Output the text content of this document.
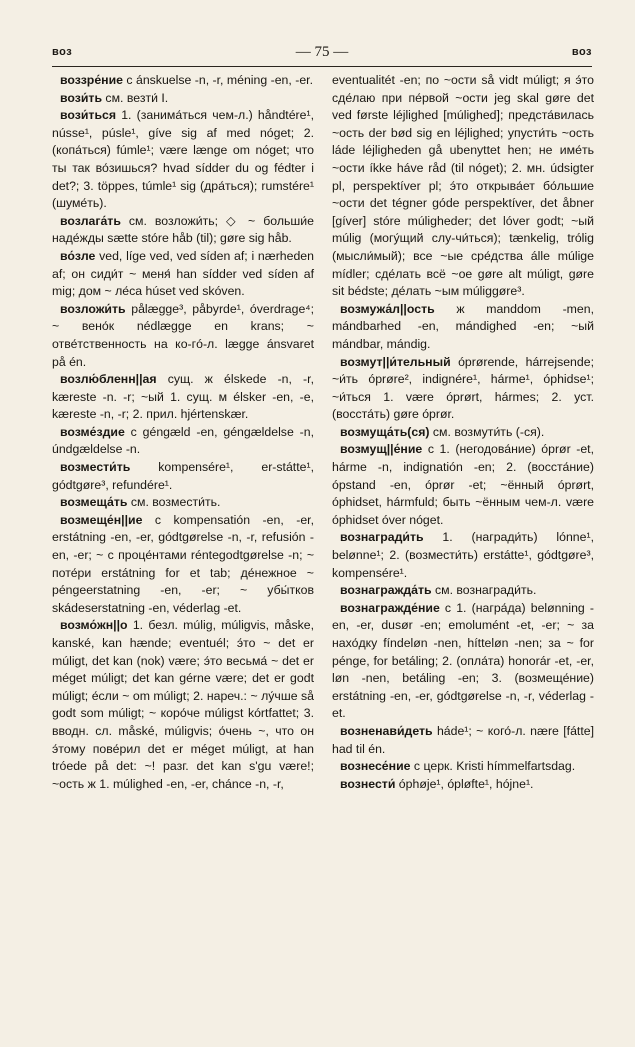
воз	— 75 —	воз

воззре́ние с ánskuelse -n, -r, méning -en, -er.

вози́ть см. везти́ I.

вози́ться 1. (занима́ться чем-л.) håndtére¹, nússe¹, púsle¹, gíve sig af med nóget; 2. (копа́ться) fúmle¹; være længe om nóget; что ты так во́зишься? hvad sídder du og fédter i det?; 3. töppes, túmle¹ sig (дра́ться); rumstére¹ (шуме́ть).

возлага́ть см. возложи́ть; ◇ ~ больши́е наде́жды sætte stóre håb (til); gøre sig håb.

во́зле ved, líge ved, ved síden af; i nærheden af; он сиди́т ~ меня́ han sídder ved síden af mig; дом ~ ле́са húset ved skóven.

возложи́ть pålægge³, påbyrde¹, óverdrage⁴; ~ вено́к nédlægge en krans; ~ отве́тственность на ко-гó-л. lægge ánsvaret på én.

возлю́бленн||ая сущ. ж élskede -n, -r, kæreste -n. -r; ~ый 1. сущ. м élsker -en, -e, kæreste -n, -r; 2. прил. hjértenskær.

возме́здие с géngæld -en, géngældelse -n, úndgældelse -n.

возмести́ть kompensére¹, er-státte¹, gódtgøre³, refundére¹.

возмеща́ть см. возмести́ть.

возмеще́н||ие с kompensatión -en, -er, erstátning -en, -er, gódtgørelse -n, -r, refusión -en, -er; ~ с проце́нтами réntegodtgørelse -n; ~ поте́ри erstátning for et tab; де́нежное ~ péngeerstatning -en, -er; ~ убы́тков skádeserstatning -en, véderlag -et.

возмо́жн||о 1. безл. múlig, múligvis, måske, kanské, kan hænde; eventuél; э́то ~ det er múligt, det kan (nok) være; э́то весьма́ ~ det er méget múligt; det kan gérne være; det er godt múligt; е́сли ~ om múligt; 2. нареч.: ~ лу́чше så godt som múligt; ~ коро́че múligst kórtfattet; 3. вводн. сл. måské, múligvis; о́чень ~, что он э́тому пове́рил det er méget múligt, at han tróede på det: ~! разг. det kan s'gu være!; ~ость ж 1. múlighed -en, -er, chánce -n, -r,

eventualitét -en; по ~ости så vidt múligt; я э́то сде́лаю при пе́рвой ~ости jeg skal gøre det ved første léjlighed [múlighed]; предста́вилась ~ость der bød sig en léjlighed; упусти́ть ~ость láde léjligheden gå ubenyttet hen; не име́ть ~ости íkke háve råd (til nóget); 2. мн. údsigter pl, perspektíver pl; э́то открыва́ет бо́льшие ~ости det tégner góde perspektíver, det åbner [gíver] stóre múligheder; det lóver godt; ~ый múlig (могу́щий слу-чи́ться); tænkelig, trólig (мысли́мый); все ~ые сре́дства álle múlige mídler; сде́лать всё ~ое gøre alt múligt, gøre sit bédste; де́лать ~ым múliggøre³.

возмужа́л||ость ж manddom -men, mándbarhed -en, mándighed -en; ~ый mándbar, mándig.

возмут||и́тельный óprørende, hárrejsende; ~и́ть óprøre², indignére¹, hárme¹, óphidse¹; ~и́ться 1. være óprørt, hármes; 2. уст. (восста́ть) gøre óprør.

возмуща́ть(ся) см. возмути́ть (-ся).

возмущ||е́ние с 1. (негодова́ние) óprør -et, hárme -n, indignatión -en; 2. (восста́ние) ópstand -en, óprør -et; ~ённый óprørt, óphidset, hármfuld; быть ~ённым чем-л. være óphidset óver nóget.

вознагради́ть 1. (награди́ть) lónne¹, belønne¹; 2. (возмести́ть) erstátte¹, gódtgøre³, kompensére¹.

вознагражда́ть см. вознагради́ть.

вознагражде́ние с 1. (награ́да) belønning -en, -er, dusør -en; emolumént -et, -er; ~ за нахо́дку fíndeløn -nen, hítteløn -nen; за ~ for pénge, for betáling; 2. (опла́та) honorár -et, -er, løn -nen, betáling -en; 3. (возмеще́ние) erstátning -en, -er, gódtgørelse -n, -r, véderlag -et.

возненави́деть háde¹; ~ кого́-л. nære [fátte] had til én.

вознесе́ние с церк. Kristi hímmelfartsdag.

вознести́ óphøje¹, ópløfte¹, hójne¹.
